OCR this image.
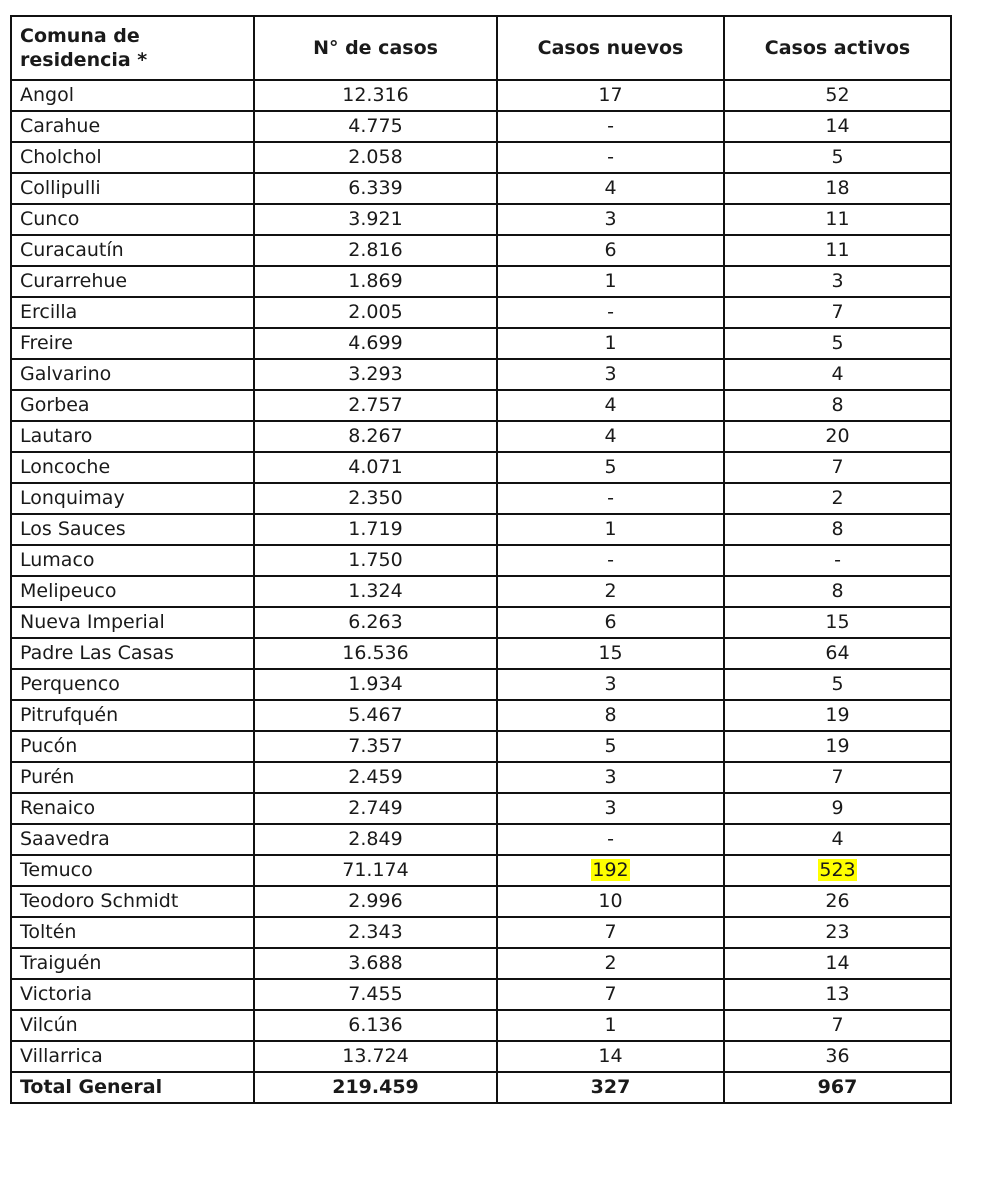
Comuna de residencia *	N° de casos	Casos nuevos	Casos activos
Angol	12.316	17	52
Carahue	4.775	-	14
Cholchol	2.058	-	5
Collipulli	6.339	4	18
Cunco	3.921	3	11
Curacautín	2.816	6	11
Curarrehue	1.869	1	3
Ercilla	2.005	-	7
Freire	4.699	1	5
Galvarino	3.293	3	4
Gorbea	2.757	4	8
Lautaro	8.267	4	20
Loncoche	4.071	5	7
Lonquimay	2.350	-	2
Los Sauces	1.719	1	8
Lumaco	1.750	-	-
Melipeuco	1.324	2	8
Nueva Imperial	6.263	6	15
Padre Las Casas	16.536	15	64
Perquenco	1.934	3	5
Pitrufquén	5.467	8	19
Pucón	7.357	5	19
Purén	2.459	3	7
Renaico	2.749	3	9
Saavedra	2.849	-	4
Temuco	71.174	192	523
Teodoro Schmidt	2.996	10	26
Toltén	2.343	7	23
Traiguén	3.688	2	14
Victoria	7.455	7	13
Vilcún	6.136	1	7
Villarrica	13.724	14	36
Total General	219.459	327	967
